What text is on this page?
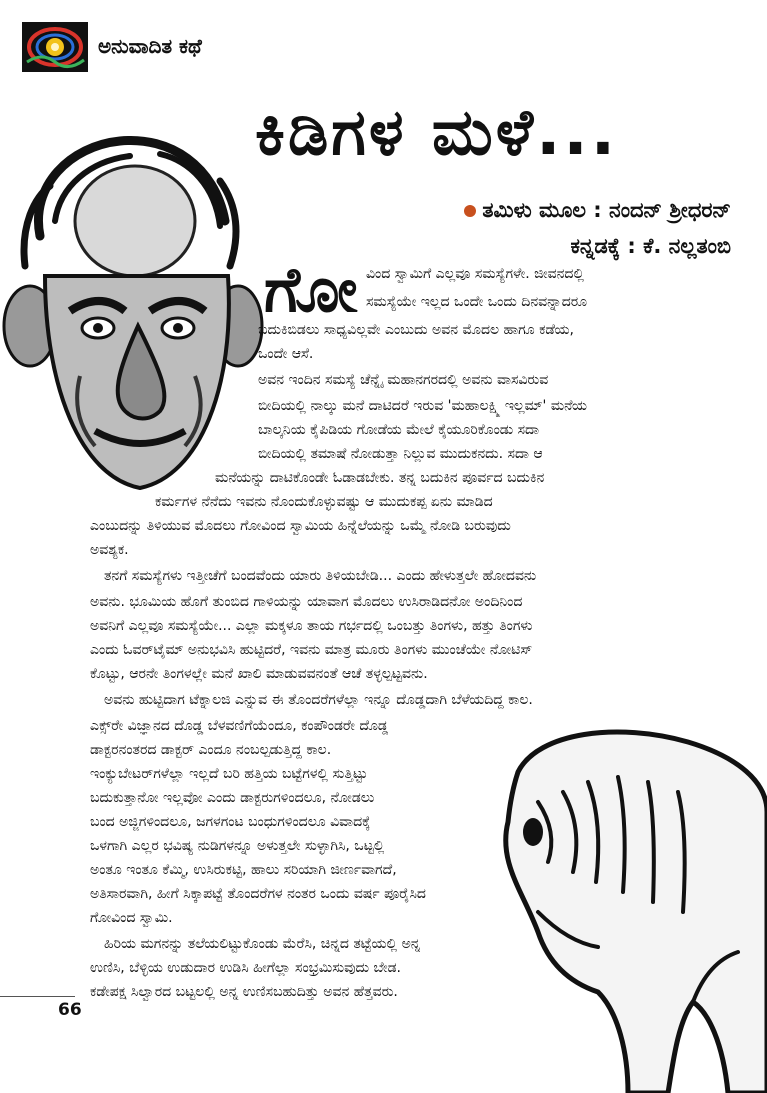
ಅನುವಾದಿತ ಕಥೆ
ಕಿಡಿಗಳ ಮಳೆ...
ತಮಿಳು ಮೂಲ : ನಂದನ್ ಶ್ರೀಧರನ್
ಕನ್ನಡಕ್ಕೆ : ಕೆ. ನಲ್ಲತಂಬಿ
ಗೋ ವಿಂದ ಸ್ವಾಮಿಗೆ ಎಲ್ಲವೂ ಸಮಸ್ಯೆಗಳೇ. ಜೀವನದಲ್ಲಿ
ಸಮಸ್ಯೆಯೇ ಇಲ್ಲದ ಒಂದೇ ಒಂದು ದಿನವನ್ನಾದರೂ
ಬದುಕಿಬಿಡಲು ಸಾಧ್ಯವಿಲ್ಲವೇ ಎಂಬುದು ಅವನ ಮೊದಲ ಹಾಗೂ ಕಡೆಯ,
ಒಂದೇ ಆಸೆ.
ಅವನ ಇಂದಿನ ಸಮಸ್ಯೆ ಚೆನ್ನೈ ಮಹಾನಗರದಲ್ಲಿ ಅವನು ವಾಸವಿರುವ
ಬೀದಿಯಲ್ಲಿ ನಾಲ್ಕು ಮನೆ ದಾಟಿದರೆ ಇರುವ 'ಮಹಾಲಕ್ಷ್ಮಿ ಇಲ್ಲಮ್' ಮನೆಯ
ಬಾಲ್ಕನಿಯ ಕೈಪಿಡಿಯ ಗೋಡೆಯ ಮೇಲೆ ಕೈಯೂರಿಕೊಂಡು ಸದಾ
ಬೀದಿಯಲ್ಲಿ ತಮಾಷೆ ನೋಡುತ್ತಾ ನಿಲ್ಲುವ ಮುದುಕನದು. ಸದಾ ಆ
ಮನೆಯನ್ನು ದಾಟಿಕೊಂಡೇ ಓಡಾಡಬೇಕು. ತನ್ನ ಬದುಕಿನ ಪೂರ್ವದ ಬದುಕಿನ
ಕರ್ಮಗಳ ನೆನೆದು ಇವನು ನೊಂದುಕೊಳ್ಳುವಷ್ಟು ಆ ಮುದುಕಪ್ಪ ಏನು ಮಾಡಿದ
ಎಂಬುದನ್ನು ತಿಳಿಯುವ ಮೊದಲು ಗೋವಿಂದ ಸ್ವಾಮಿಯ ಹಿನ್ನೆಲೆಯನ್ನು ಒಮ್ಮೆ ನೋಡಿ ಬರುವುದು
ಅವಶ್ಯಕ.
ತನಗೆ ಸಮಸ್ಯೆಗಳು ಇತ್ತೀಚೆಗೆ ಬಂದವೆಂದು ಯಾರು ತಿಳಿಯಬೇಡಿ... ಎಂದು ಹೇಳುತ್ತಲೇ ಹೋದವನು
ಅವನು. ಭೂಮಿಯ ಹೊಗೆ ತುಂಬಿದ ಗಾಳಿಯನ್ನು ಯಾವಾಗ ಮೊದಲು ಉಸಿರಾಡಿದನೋ ಅಂದಿನಿಂದ
ಅವನಿಗೆ ಎಲ್ಲವೂ ಸಮಸ್ಯೆಯೇ... ಎಲ್ಲಾ ಮಕ್ಕಳೂ ತಾಯ ಗರ್ಭದಲ್ಲಿ ಒಂಬತ್ತು ತಿಂಗಳು, ಹತ್ತು ತಿಂಗಳು
ಎಂದು ಓವರ್‌ಟೈಮ್ ಅನುಭವಿಸಿ ಹುಟ್ಟಿದರೆ, ಇವನು ಮಾತ್ರ ಮೂರು ತಿಂಗಳು ಮುಂಚೆಯೇ ನೋಟಿಸ್
ಕೊಟ್ಟು, ಆರನೇ ತಿಂಗಳಲ್ಲೇ ಮನೆ ಖಾಲಿ ಮಾಡುವವನಂತೆ ಆಚೆ ತಳ್ಳಲ್ಪಟ್ಟವನು.
ಅವನು ಹುಟ್ಟಿದಾಗ ಟೆಕ್ನಾಲಜಿ ಎನ್ನುವ ಈ ತೊಂದರೆಗಳೆಲ್ಲಾ ಇನ್ನೂ ದೊಡ್ಡದಾಗಿ ಬೆಳೆಯದಿದ್ದ ಕಾಲ.
ಎಕ್ಸ್‌ರೇ ವಿಜ್ಞಾನದ ದೊಡ್ಡ ಬೆಳವಣಿಗೆಯೆಂದೂ, ಕಂಪೌಂಡರೇ ದೊಡ್ಡ
ಡಾಕ್ಟರನಂತರದ ಡಾಕ್ಟರ್ ಎಂದೂ ನಂಬಲ್ಪಡುತ್ತಿದ್ದ ಕಾಲ.
ಇಂಕ್ಯುಬೇಟರ್‌ಗಳೆಲ್ಲಾ ಇಲ್ಲದೆ ಬರಿ ಹತ್ತಿಯ ಬಟ್ಟೆಗಳಲ್ಲಿ ಸುತ್ತಿಟ್ಟು
ಬದುಕುತ್ತಾನೋ ಇಲ್ಲವೋ ಎಂದು ಡಾಕ್ಟರುಗಳಿಂದಲೂ, ನೋಡಲು
ಬಂದ ಅಜ್ಜಿಗಳಿಂದಲೂ, ಜಗಳಗಂಟ ಬಂಧುಗಳಿಂದಲೂ ವಿವಾದಕ್ಕೆ
ಒಳಗಾಗಿ ಎಲ್ಲರ ಭವಿಷ್ಯ ನುಡಿಗಳನ್ನೂ ಅಳುತ್ತಲೇ ಸುಳ್ಳಾಗಿಸಿ, ಒಟ್ಟಲ್ಲಿ
ಅಂತೂ ಇಂತೂ ಕೆಮ್ಮಿ, ಉಸಿರುಕಟ್ಟಿ, ಹಾಲು ಸರಿಯಾಗಿ ಜೀರ್ಣವಾಗದೆ,
ಅತಿಸಾರವಾಗಿ, ಹೀಗೆ ಸಿಕ್ಕಾಪಟ್ಟೆ ತೊಂದರೆಗಳ ನಂತರ ಒಂದು ವರ್ಷ ಪೂರೈಸಿದ
ಗೋವಿಂದ ಸ್ವಾಮಿ.
ಹಿರಿಯ ಮಗನನ್ನು ತಲೆಯಲಿಟ್ಟುಕೊಂಡು ಮೆರೆಸಿ, ಚಿನ್ನದ ತಟ್ಟೆಯಲ್ಲಿ ಅನ್ನ
ಉಣಿಸಿ, ಬೆಳ್ಳಿಯ ಉಡುದಾರ ಉಡಿಸಿ ಹೀಗೆಲ್ಲಾ ಸಂಭ್ರಮಿಸುವುದು ಬೇಡ.
ಕಡೇಪಕ್ಷ ಸಿಲ್ವಾರದ ಬಟ್ಟಲಲ್ಲಿ ಅನ್ನ ಉಣಿಸಬಹುದಿತ್ತು ಅವನ ಹೆತ್ತವರು.
66
